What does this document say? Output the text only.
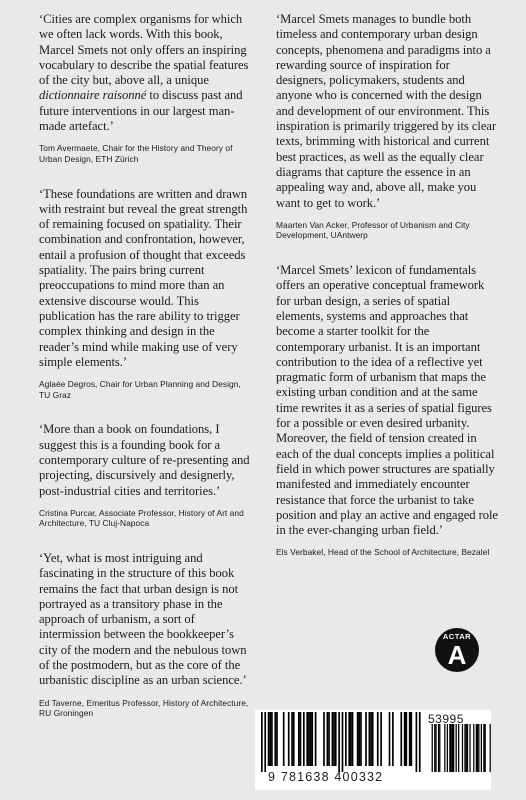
‘Cities are complex organisms for which we often lack words. With this book, Marcel Smets not only offers an inspiring vocabulary to describe the spatial features of the city but, above all, a unique dictionnaire raisonné to discuss past and future interventions in our largest man-made artefact.’

Tom Avermaete, Chair for the History and Theory of Urban Design, ETH Zürich

‘These foundations are written and drawn with restraint but reveal the great strength of remaining focused on spatiality. Their combination and confrontation, however, entail a profusion of thought that exceeds spatiality. The pairs bring current preoccupations to mind more than an extensive discourse would. This publication has the rare ability to trigger complex thinking and design in the reader’s mind while making use of very simple elements.’

Aglaée Degros, Chair for Urban Planning and Design, TU Graz

‘More than a book on foundations, I suggest this is a founding book for a contemporary culture of re-presenting and projecting, discursively and designerly, post-industrial cities and territories.’

Cristina Purcar, Associate Professor, History of Art and Architecture, TU Cluj-Napoca

‘Yet, what is most intriguing and fascinating in the structure of this book remains the fact that urban design is not portrayed as a transitory phase in the approach of urbanism, a sort of intermission between the bookkeeper’s city of the modern and the nebulous town of the postmodern, but as the core of the urbanistic discipline as an urban science.’

Ed Taverne, Emeritus Professor, History of Architecture, RU Groningen

‘Marcel Smets manages to bundle both timeless and contemporary urban design concepts, phenomena and paradigms into a rewarding source of inspiration for designers, policymakers, students and anyone who is concerned with the design and development of our environment. This inspiration is primarily triggered by its clear texts, brimming with historical and current best practices, as well as the equally clear diagrams that capture the essence in an appealing way and, above all, make you want to get to work.’

Maarten Van Acker, Professor of Urbanism and City Development, UAntwerp

‘Marcel Smets’ lexicon of fundamentals offers an operative conceptual framework for urban design, a series of spatial elements, systems and approaches that become a starter toolkit for the contemporary urbanist. It is an important contribution to the idea of a reflective yet pragmatic form of urbanism that maps the existing urban condition and at the same time rewrites it as a series of spatial figures for a possible or even desired urbanity. Moreover, the field of tension created in each of the dual concepts implies a political field in which power structures are spatially manifested and immediately encounter resistance that force the urbanist to take position and play an active and engaged role in the ever-changing urban field.’

Els Verbakel, Head of the School of Architecture, Bezalel

ACTAR
A
53995
9 781638 400332
